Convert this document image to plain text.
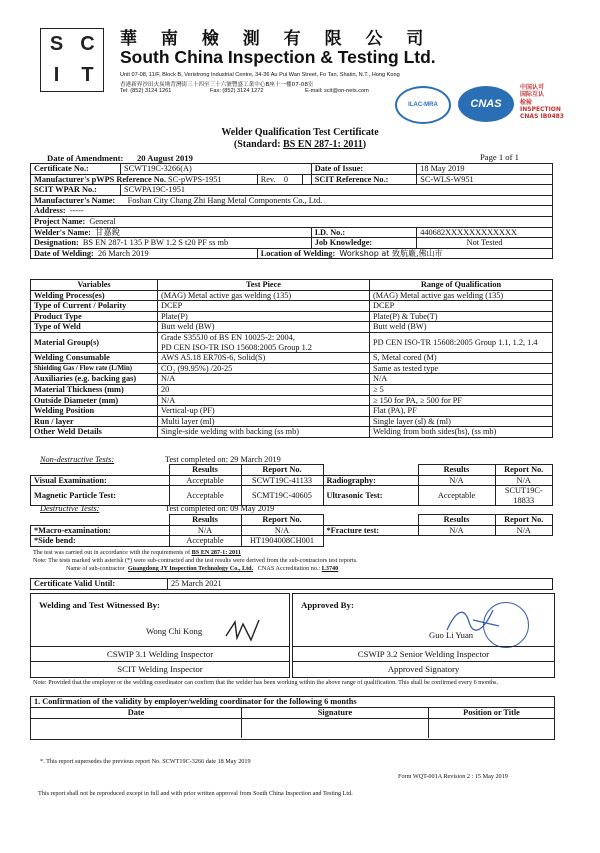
S C
I	T
華 南 檢 測 有 限 公 司
South China Inspection & Testing Ltd.
Unit 07-08, 11/F, Block B, Veristrong Industrial Centre, 34-36 Au Pui Wan Street, Fo Tan, Shatin, N.T., Hong Kong
香港新界沙田火炭坳背灣街三十四至三十六號豐盛工業中心B座十一樓07-08室
Tel: (852) 3124 1261	Fax: (852) 3124 1272	E-mail: scit@on-nets.com
ILAC-MRA	CNAS
中国认可
国际互认
检验
INSPECTION
CNAS IB0483
Welder Qualification Test Certificate
(Standard: BS EN 287-1: 2011)
Date of Amendment: 20 August 2019	Page 1 of 1
Certificate No.:	SCWT19C-3266(A)			Date of Issue:	18 May 2019
Manufacturer's pWPS Reference No. SC-pWPS-1951		Rev. 0		SCIT Reference No.:	SC-WLS-W951
SCIT WPAR No.:	SCWPA19C-1951				
Manufacturer's Name: Foshan City Chang Zhi Hang Metal Components Co., Ltd.					
Address: -----					
Project Name: General					
Welder's Name: 甘嘉銳				I.D. No.:	440682XXXXXXXXXXXX
Designation: BS EN 287-1 135 P BW 1.2 S t20 PF ss mb				Job Knowledge:	Not Tested
Date of Welding: 26 March 2019		Location of Welding: Workshop at 致航廠,佛山市			
Variables	Test Piece	Range of Qualification
Welding Process(es)	(MAG) Metal active gas welding (135)	(MAG) Metal active gas welding (135)
Type of Current / Polarity	DCEP	DCEP
Product Type	Plate(P)	Plate(P) & Tube(T)
Type of Weld	Butt weld (BW)	Butt weld (BW)
Material Group(s)	Grade S355J0 of BS EN 10025-2: 2004,
PD CEN ISO-TR ISO 15608:2005 Group 1.2	PD CEN ISO-TR 15608:2005 Group 1.1, 1.2, 1.4
Welding Consumable	AWS A5.18 ER70S-6, Solid(S)	S, Metal cored (M)
Shielding Gas / Flow rate (L/Min)	CO₂ (99.95%) /20-25	Same as tested type
Auxiliaries (e.g. backing gas)	N/A	N/A
Material Thickness (mm)	20	≥ 5
Outside Diameter (mm)	N/A	≥ 150 for PA, ≥ 500 for PF
Welding Position	Vertical-up (PF)	Flat (PA), PF
Run / layer	Multi layer (ml)	Single layer (sl) & (ml)
Other Weld Details	Single-side welding with backing (ss mb)	Welding from both sides(bs), (ss mb)
Non-destructive Tests:	Test completed on: 29 March 2019
	Results	Report No.		Results	Report No.
Visual Examination:	Acceptable	SCWT19C-41133	Radiography:	N/A	N/A
Magnetic Particle Test:	Acceptable	SCMT19C-40605	Ultrasonic Test:	Acceptable	SCUT19C-18833
Destructive Tests:	Test completed on: 09 May 2019
	Results	Report No.		Results	Report No.
*Macro-examination:	N/A	N/A	*Fracture test:	N/A	N/A
*Side bend:	Acceptable	HT1904008CH001			
The test was carried out in accordance with the requirements of BS EN 287-1: 2011
Note: The tests marked with asterisk (*) were sub-contracted and the test results were derived from the sub-contractors test reports.
Name of sub-contractor Guangdong JY Inspection Technology Co., Ltd. CNAS Accreditation no.: L3740
Certificate Valid Until:	25 March 2021
Welding and Test Witnessed By:
Wong Chi Kong
CSWIP 3.1 Welding Inspector
SCIT Welding Inspector
Approved By:
Guo Li Yuan
CSWIP 3.2 Senior Welding Inspector
Approved Signatory
Note: Provided that the employer or the welding coordinator can confirm that the welder has been working within the above range of qualification. This shall be confirmed every 6 months.
1. Confirmation of the validity by employer/welding coordinator for the following 6 months
Date	Signature	Position or Title

*. This report supersedes the previous report No. SCWT19C-3266 date 18 May 2019
Form WQT-001A Revision 2 : 15 May 2019
This report shall not be reproduced except in full and with prior written approval from South China Inspection and Testing Ltd.
